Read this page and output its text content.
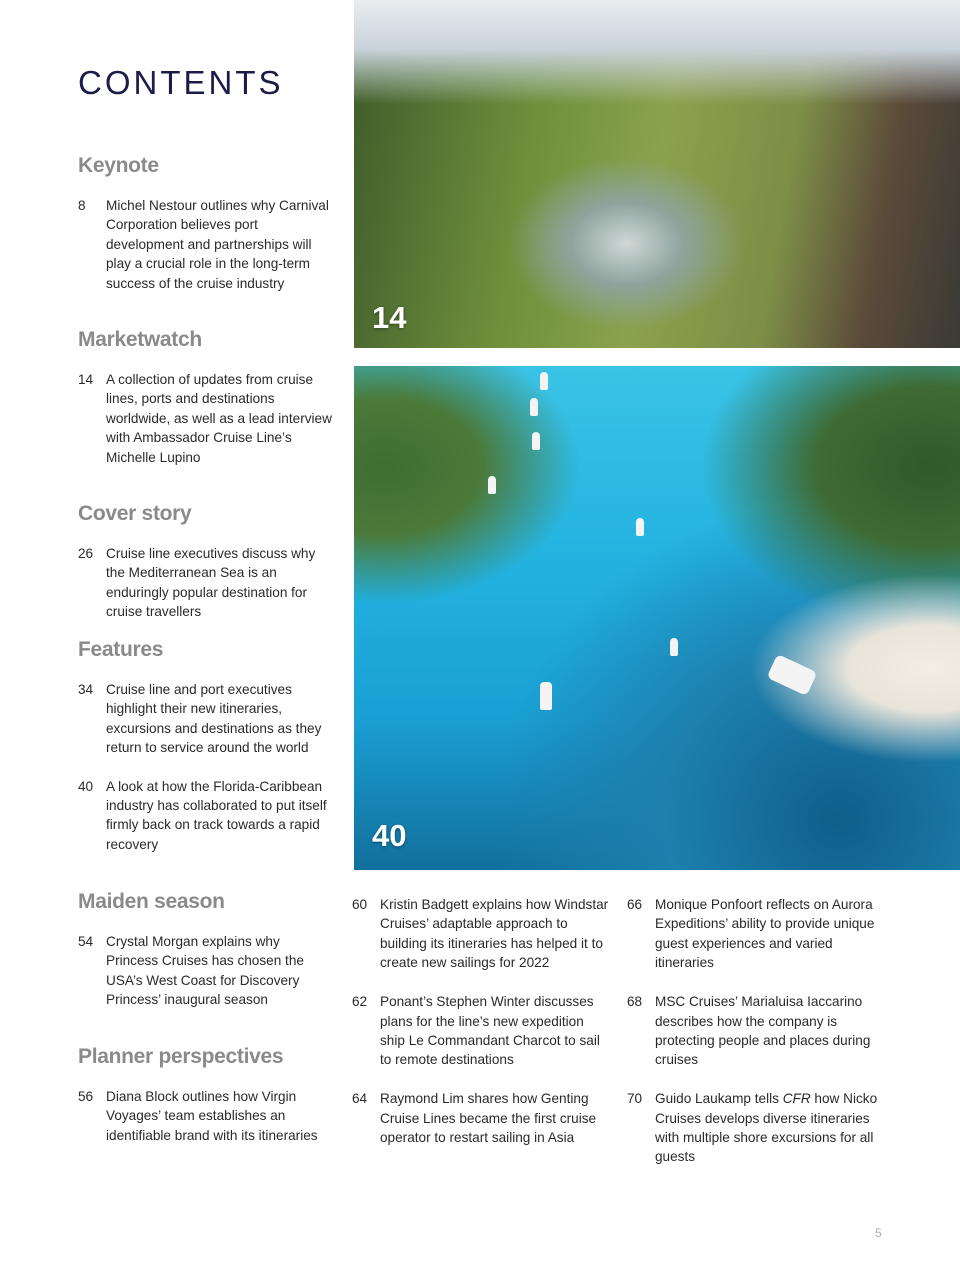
CONTENTS
Keynote
8	Michel Nestour outlines why Carnival Corporation believes port development and partnerships will play a crucial role in the long-term success of the cruise industry
Marketwatch
14 A collection of updates from cruise lines, ports and destinations worldwide, as well as a lead interview with Ambassador Cruise Line’s Michelle Lupino
Cover story
26 Cruise line executives discuss why the Mediterranean Sea is an enduringly popular destination for cruise travellers
Features
34 Cruise line and port executives highlight their new itineraries, excursions and destinations as they return to service around the world
40 A look at how the Florida-Caribbean industry has collaborated to put itself firmly back on track towards a rapid recovery
Maiden season
54 Crystal Morgan explains why Princess Cruises has chosen the USA’s West Coast for Discovery Princess’ inaugural season
Planner perspectives
56 Diana Block outlines how Virgin Voyages’ team establishes an identifiable brand with its itineraries
60 Kristin Badgett explains how Windstar Cruises’ adaptable approach to building its itineraries has helped it to create new sailings for 2022
62 Ponant’s Stephen Winter discusses plans for the line’s new expedition ship Le Commandant Charcot to sail to remote destinations
64 Raymond Lim shares how Genting Cruise Lines became the first cruise operator to restart sailing in Asia
66 Monique Ponfoort reflects on Aurora Expeditions’ ability to provide unique guest experiences and varied itineraries
68 MSC Cruises’ Marialuisa Iaccarino describes how the company is protecting people and places during cruises
70 Guido Laukamp tells CFR how Nicko Cruises develops diverse itineraries with multiple shore excursions for all guests
14
40
5
